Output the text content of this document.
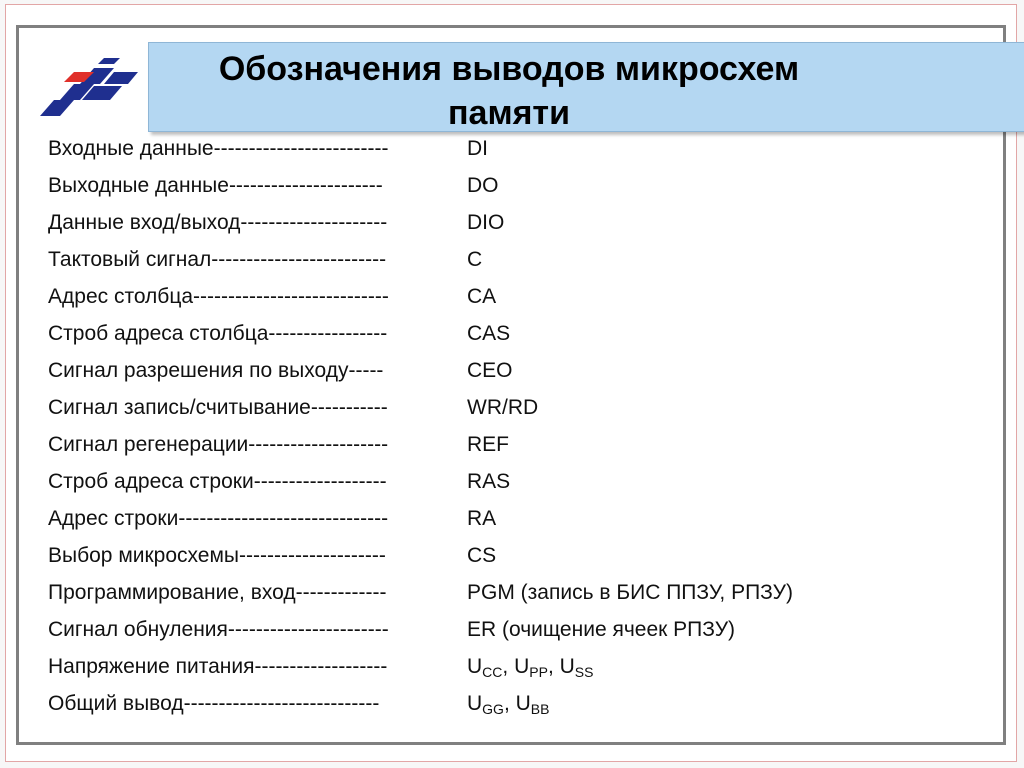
Обозначения выводов микросхем
памяти
Входные данные-------------------------	DI
Выходные данные----------------------	DO
Данные вход/выход---------------------	DIO
Тактовый сигнал-------------------------	C
Адрес столбца----------------------------	CA
Строб адреса столбца-----------------	CAS
Сигнал разрешения по выходу-----	CEO
Сигнал запись/считывание-----------	WR/RD
Сигнал регенерации--------------------	REF
Строб адреса строки-------------------	RAS
Адрес строки------------------------------	RA
Выбор микросхемы---------------------	CS
Программирование, вход-------------	PGM (запись в БИС ППЗУ, РПЗУ)
Сигнал обнуления-----------------------	ER (очищение ячеек РПЗУ)
Напряжение питания-------------------	$U_{CC}$, $U_{PP}$, $U_{SS}$
Общий вывод----------------------------	$U_{GG}$, $U_{BB}$
